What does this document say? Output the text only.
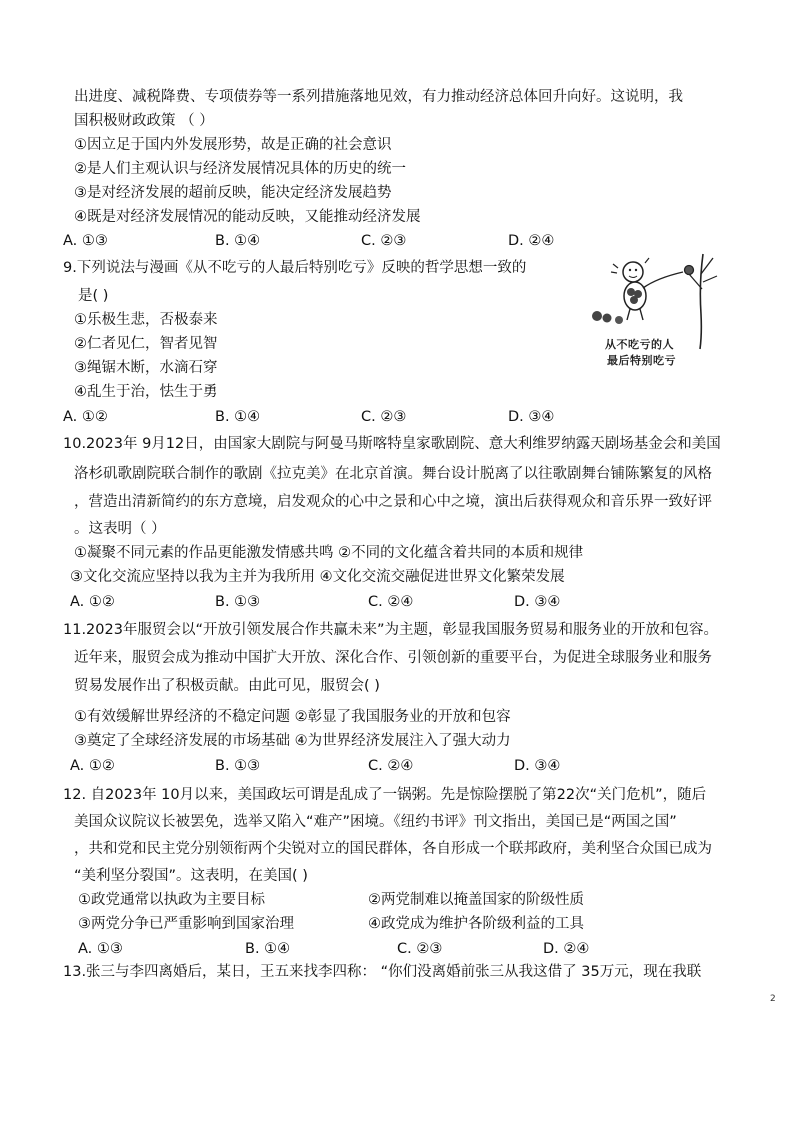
出进度、减税降费、专项债券等一系列措施落地见效，有力推动经济总体回升向好。这说明，我
国积极财政政策 （ ）
①因立足于国内外发展形势，故是正确的社会意识
②是人们主观认识与经济发展情况具体的历史的统一
③是对经济发展的超前反映，能决定经济发展趋势
④既是对经济发展情况的能动反映，又能推动经济发展
A. ①③	B. ①④	C. ②③	D. ②④
9.下列说法与漫画《从不吃亏的人最后特别吃亏》反映的哲学思想一致的
是( )
①乐极生悲，否极泰来
②仁者见仁，智者见智
③绳锯木断，水滴石穿
④乱生于治，怯生于勇
A. ①②	B. ①④	C. ②③	D. ③④
从不吃亏的人
最后特别吃亏
10.2023年 9月12日，由国家大剧院与阿曼马斯喀特皇家歌剧院、意大利维罗纳露天剧场基金会和美国
洛杉矶歌剧院联合制作的歌剧《拉克美》在北京首演。舞台设计脱离了以往歌剧舞台铺陈繁复的风格
，营造出清新简约的东方意境，启发观众的心中之景和心中之境，演出后获得观众和音乐界一致好评
。这表明（ ）
①凝聚不同元素的作品更能激发情感共鸣 ②不同的文化蕴含着共同的本质和规律
③文化交流应坚持以我为主并为我所用 ④文化交流交融促进世界文化繁荣发展
A. ①②	B. ①③	C. ②④	D. ③④
11.2023年服贸会以“开放引领发展合作共赢未来”为主题，彰显我国服务贸易和服务业的开放和包容。
近年来，服贸会成为推动中国扩大开放、深化合作、引领创新的重要平台，为促进全球服务业和服务
贸易发展作出了积极贡献。由此可见，服贸会( )
①有效缓解世界经济的不稳定问题 ②彰显了我国服务业的开放和包容
③奠定了全球经济发展的市场基础 ④为世界经济发展注入了强大动力
A. ①②	B. ①③	C. ②④	D. ③④
12. 自2023年 10月以来，美国政坛可谓是乱成了一锅粥。先是惊险摆脱了第22次“关门危机”，随后
美国众议院议长被罢免，选举又陷入“难产”困境。《纽约书评》刊文指出，美国已是“两国之国”
，共和党和民主党分别领衔两个尖锐对立的国民群体，各自形成一个联邦政府，美利坚合众国已成为
“美利坚分裂国”。这表明，在美国( )
①政党通常以执政为主要目标	②两党制难以掩盖国家的阶级性质
③两党分争已严重影响到国家治理	④政党成为维护各阶级利益的工具
A. ①③	B. ①④	C. ②③	D. ②④
13.张三与李四离婚后，某日，王五来找李四称： “你们没离婚前张三从我这借了 35万元，现在我联
2
